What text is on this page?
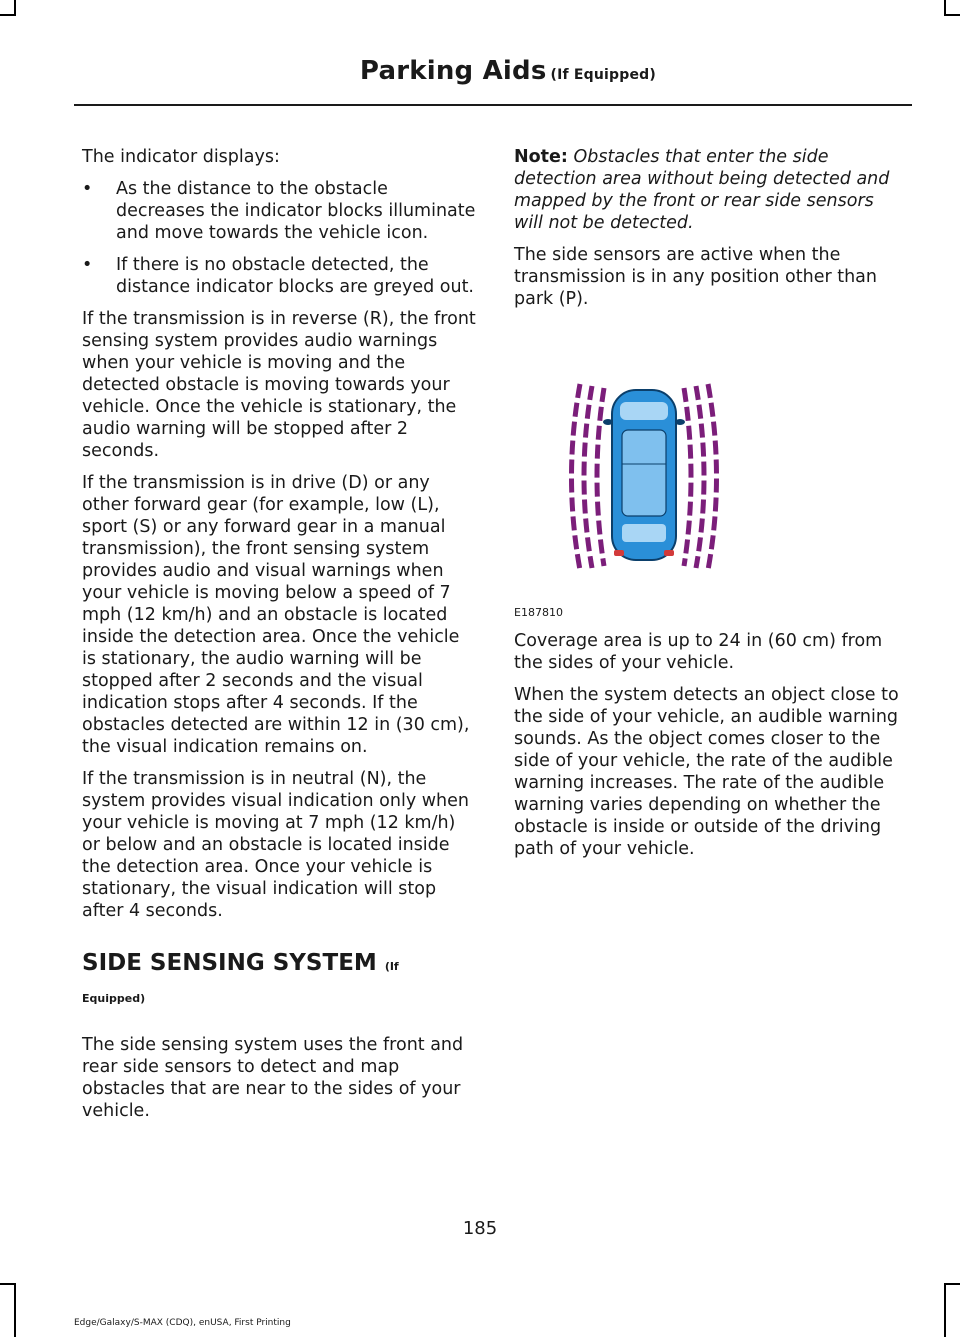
Parking Aids (If Equipped)

The indicator displays:

• As the distance to the obstacle decreases the indicator blocks illuminate and move towards the vehicle icon.
• If there is no obstacle detected, the distance indicator blocks are greyed out.

If the transmission is in reverse (R), the front sensing system provides audio warnings when your vehicle is moving and the detected obstacle is moving towards your vehicle. Once the vehicle is stationary, the audio warning will be stopped after 2 seconds.

If the transmission is in drive (D) or any other forward gear (for example, low (L), sport (S) or any forward gear in a manual transmission), the front sensing system provides audio and visual warnings when your vehicle is moving below a speed of 7 mph (12 km/h) and an obstacle is located inside the detection area. Once the vehicle is stationary, the audio warning will be stopped after 2 seconds and the visual indication stops after 4 seconds. If the obstacles detected are within 12 in (30 cm), the visual indication remains on.

If the transmission is in neutral (N), the system provides visual indication only when your vehicle is moving at 7 mph (12 km/h) or below and an obstacle is located inside the detection area. Once your vehicle is stationary, the visual indication will stop after 4 seconds.

SIDE SENSING SYSTEM (If
Equipped)

The side sensing system uses the front and rear side sensors to detect and map obstacles that are near to the sides of your vehicle.

Note: Obstacles that enter the side detection area without being detected and mapped by the front or rear side sensors will not be detected.

The side sensors are active when the transmission is in any position other than park (P).

E187810

Coverage area is up to 24 in (60 cm) from the sides of your vehicle.

When the system detects an object close to the side of your vehicle, an audible warning sounds. As the object comes closer to the side of your vehicle, the rate of the audible warning increases. The rate of the audible warning varies depending on whether the obstacle is inside or outside of the driving path of your vehicle.

185
Edge/Galaxy/S-MAX (CDQ), enUSA, First Printing
